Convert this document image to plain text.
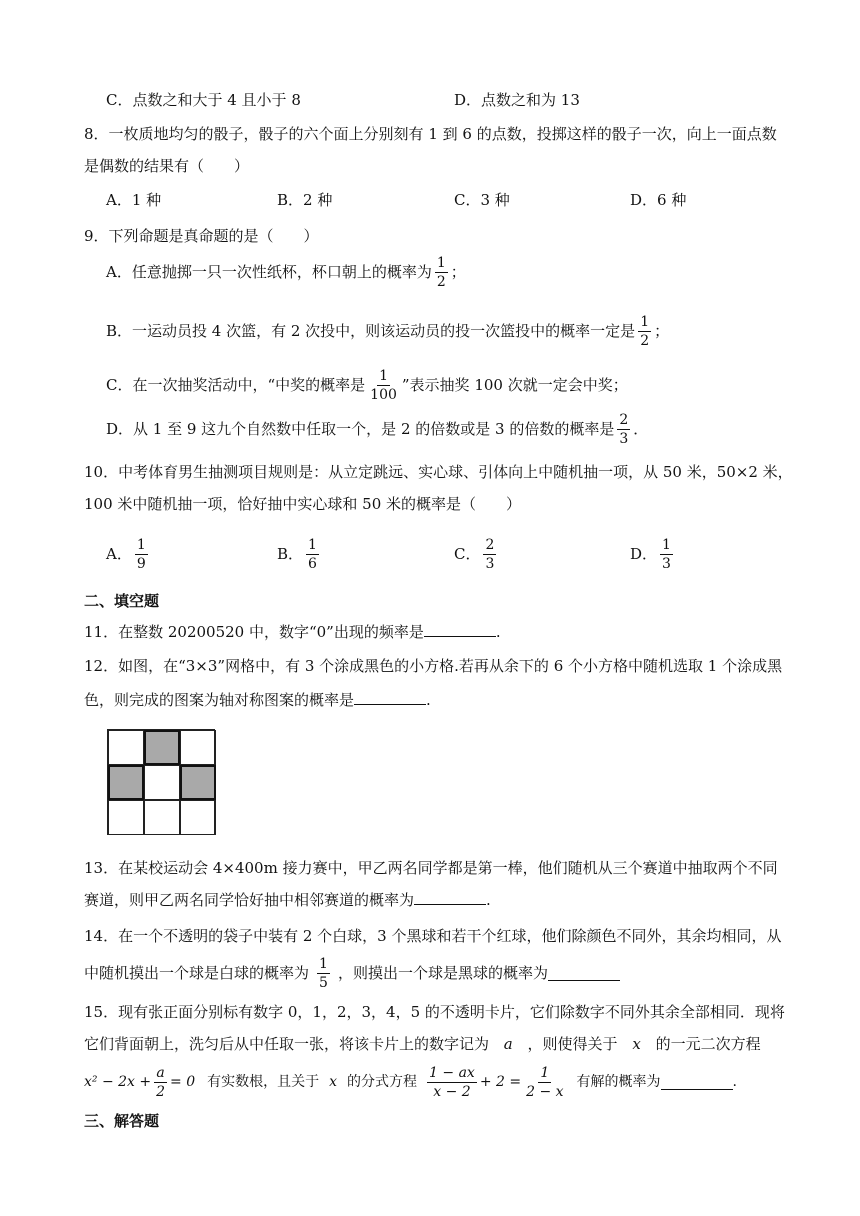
C．点数之和大于 4 且小于 8	D．点数之和为 13
8．一枚质地均匀的骰子，骰子的六个面上分别刻有 1 到 6 的点数，投掷这样的骰子一次，向上一面点数
是偶数的结果有（　　）
A．1 种	B．2 种	C．3 种	D．6 种
9．下列命题是真命题的是（　　）
A．任意抛掷一只一次性纸杯，杯口朝上的概率为 $\frac{1}{2}$ ；
B．一运动员投 4 次篮，有 2 次投中，则该运动员的投一次篮投中的概率一定是 $\frac{1}{2}$ ；
C．在一次抽奖活动中，“中奖的概率是 $\frac{1}{100}$ ”表示抽奖 100 次就一定会中奖；
D．从 1 至 9 这九个自然数中任取一个，是 2 的倍数或是 3 的倍数的概率是 $\frac{2}{3}$ ．
10．中考体育男生抽测项目规则是：从立定跳远、实心球、引体向上中随机抽一项，从 50 米，50×2 米，
100 米中随机抽一项，恰好抽中实心球和 50 米的概率是（　　）
A． $\frac{1}{9}$	B． $\frac{1}{6}$	C． $\frac{2}{3}$	D． $\frac{1}{3}$
二、填空题
11．在整数 20200520 中，数字“0”出现的频率是	.
12．如图，在“3×3”网格中，有 3 个涂成黑色的小方格.若再从余下的 6 个小方格中随机选取 1 个涂成黑
色，则完成的图案为轴对称图案的概率是	.
13．在某校运动会 4×400m 接力赛中，甲乙两名同学都是第一棒，他们随机从三个赛道中抽取两个不同
赛道，则甲乙两名同学恰好抽中相邻赛道的概率为	.
14．在一个不透明的袋子中装有 2 个白球，3 个黑球和若干个红球，他们除颜色不同外，其余均相同，从
中随机摸出一个球是白球的概率为 $\frac{1}{5}$ ，则摸出一个球是黑球的概率为
15．现有张正面分别标有数字 0，1，2，3，4，5 的不透明卡片，它们除数字不同外其余全部相同．现将
它们背面朝上，洗匀后从中任取一张，将该卡片上的数字记为 a ，则使得关于 x 的一元二次方程
$x^2 - 2x + \frac{a}{2} = 0$ 有实数根，且关于 x 的分式方程 $\frac{1 - ax}{x - 2} + 2 = \frac{1}{2 - x}$ 有解的概率为	.
三、解答题
